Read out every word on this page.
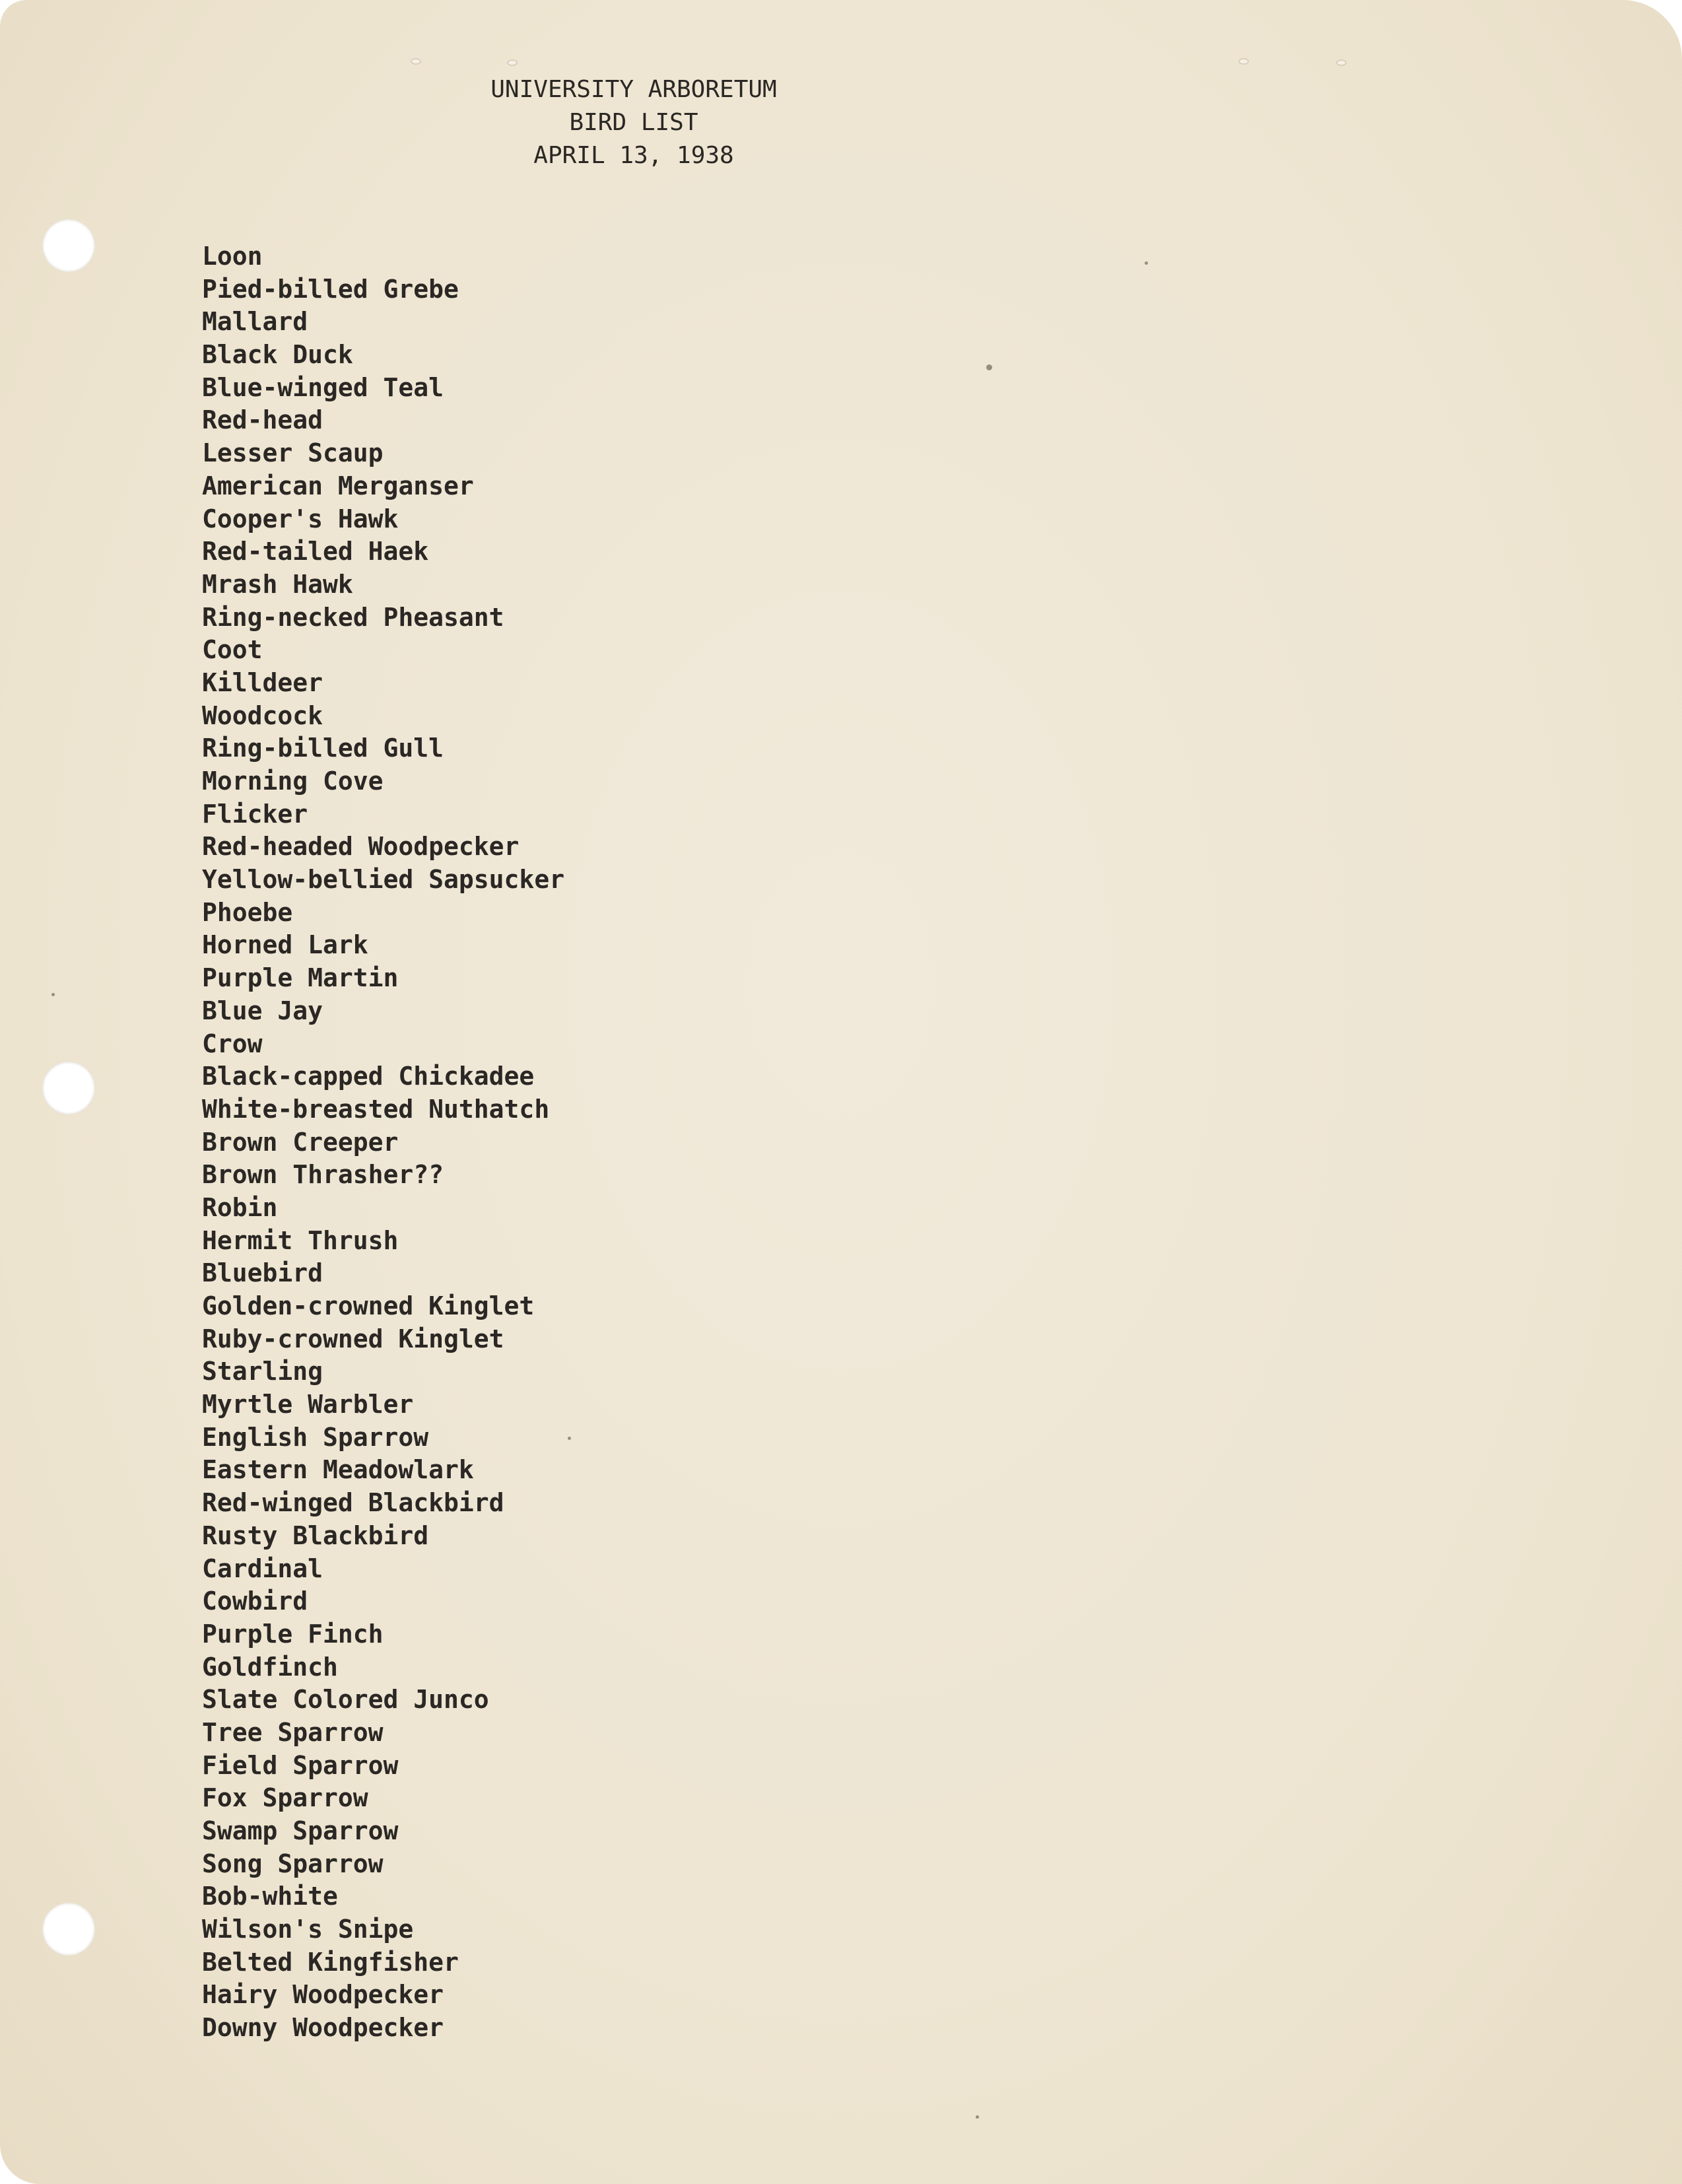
UNIVERSITY ARBORETUM
BIRD LIST
APRIL 13, 1938
Loon
Pied-billed Grebe
Mallard
Black Duck
Blue-winged Teal
Red-head
Lesser Scaup
American Merganser
Cooper's Hawk
Red-tailed Haek
Mrash Hawk
Ring-necked Pheasant
Coot
Killdeer
Woodcock
Ring-billed Gull
Morning Cove
Flicker
Red-headed Woodpecker
Yellow-bellied Sapsucker
Phoebe
Horned Lark
Purple Martin
Blue Jay
Crow
Black-capped Chickadee
White-breasted Nuthatch
Brown Creeper
Brown Thrasher??
Robin
Hermit Thrush
Bluebird
Golden-crowned Kinglet
Ruby-crowned Kinglet
Starling
Myrtle Warbler
English Sparrow
Eastern Meadowlark
Red-winged Blackbird
Rusty Blackbird
Cardinal
Cowbird
Purple Finch
Goldfinch
Slate Colored Junco
Tree Sparrow
Field Sparrow
Fox Sparrow
Swamp Sparrow
Song Sparrow
Bob-white
Wilson's Snipe
Belted Kingfisher
Hairy Woodpecker
Downy Woodpecker
